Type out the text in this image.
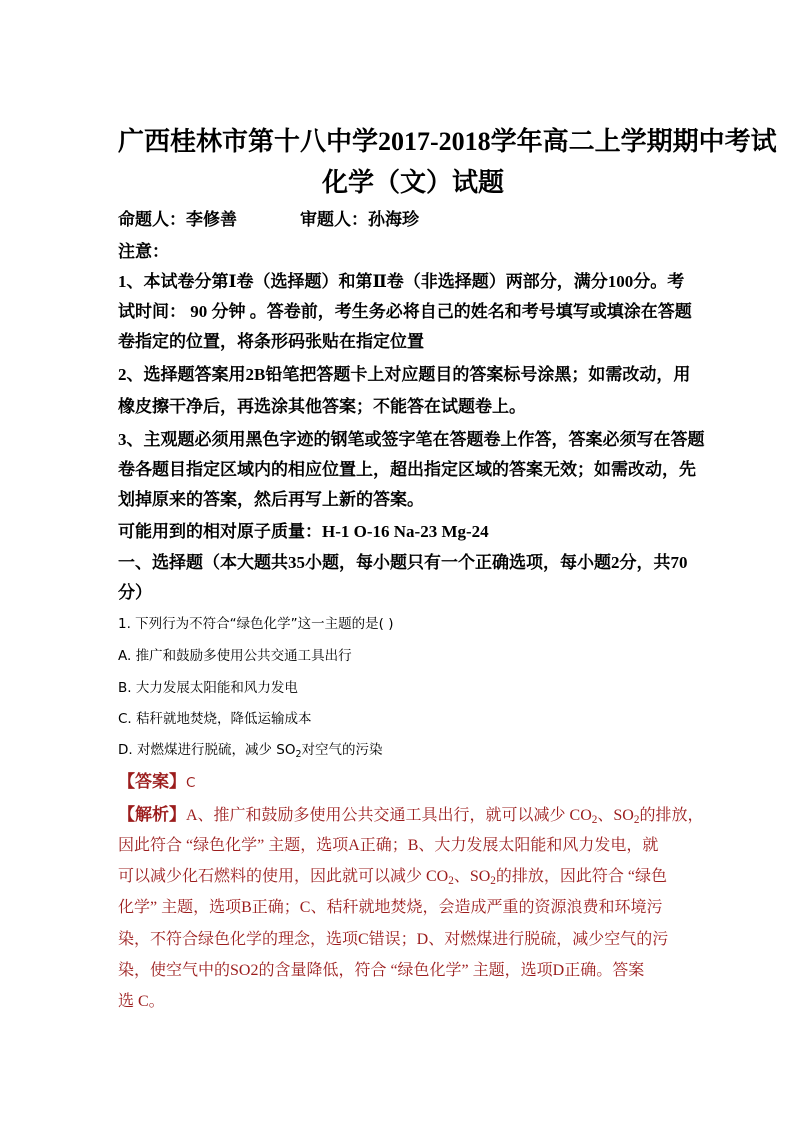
广西桂林市第十八中学2017-2018学年高二上学期期中考试
化学（文）试题
命题人：李修善	审题人：孙海珍
注意：
1、本试卷分第Ⅰ卷（选择题）和第Ⅱ卷（非选择题）两部分，满分100分。考
试时间： 90 分钟 。答卷前，考生务必将自己的姓名和考号填写或填涂在答题
卷指定的位置，将条形码张贴在指定位置
2、选择题答案用2B铅笔把答题卡上对应题目的答案标号涂黑；如需改动，用
橡皮擦干净后，再选涂其他答案；不能答在试题卷上。
3、主观题必须用黑色字迹的钢笔或签字笔在答题卷上作答，答案必须写在答题
卷各题目指定区域内的相应位置上，超出指定区域的答案无效；如需改动，先
划掉原来的答案，然后再写上新的答案。
可能用到的相对原子质量：H-1 O-16 Na-23 Mg-24
一、选择题（本大题共35小题，每小题只有一个正确选项，每小题2分，共70
分）
1. 下列行为不符合“绿色化学”这一主题的是( )
A. 推广和鼓励多使用公共交通工具出行
B. 大力发展太阳能和风力发电
C. 秸秆就地焚烧，降低运输成本
D. 对燃煤进行脱硫，减少 $SO_2$对空气的污染
【答案】C
【解析】A、推广和鼓励多使用公共交通工具出行，就可以减少 $CO_2$、$SO_2$的排放，
因此符合 “绿色化学” 主题，选项A正确；B、大力发展太阳能和风力发电，就
可以减少化石燃料的使用，因此就可以减少 $CO_2$、$SO_2$的排放，因此符合 “绿色
化学” 主题，选项B正确；C、秸秆就地焚烧，会造成严重的资源浪费和环境污
染，不符合绿色化学的理念，选项C错误；D、对燃煤进行脱硫，减少空气的污
染，使空气中的SO2的含量降低，符合 “绿色化学” 主题，选项D正确。答案
选 C。
